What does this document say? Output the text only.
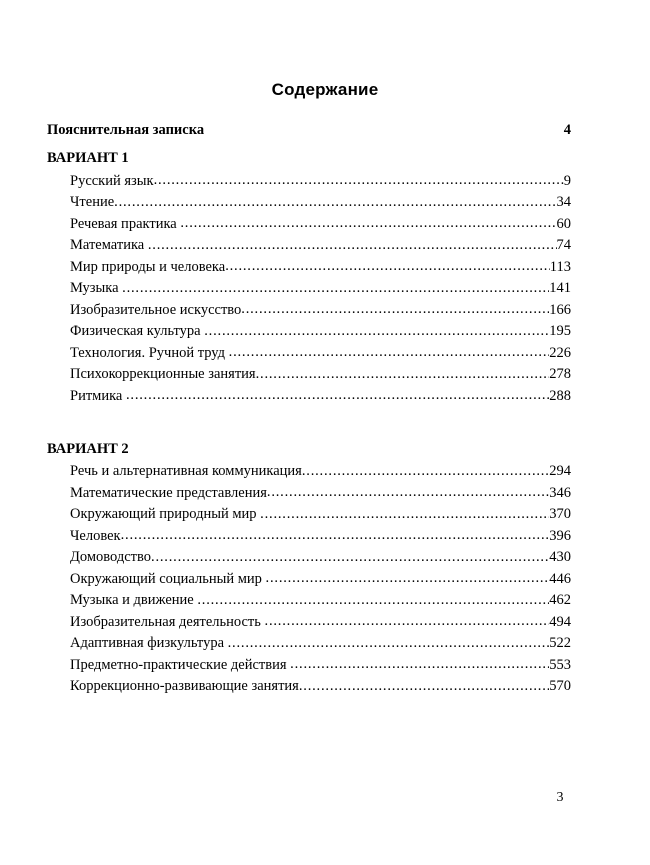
Содержание
Пояснительная записка .....	4
ВАРИАНТ 1
Русский язык .....	9
Чтение .....	34
Речевая практика .....	60
Математика .....	74
Мир природы и человека .....	113
Музыка .....	141
Изобразительное искусство .....	166
Физическая культура .....	195
Технология. Ручной труд .....	226
Психокоррекционные занятия .....	278
Ритмика .....	288
ВАРИАНТ 2
Речь и альтернативная коммуникация .....	294
Математические представления .....	346
Окружающий природный мир .....	370
Человек .....	396
Домоводство .....	430
Окружающий социальный мир .....	446
Музыка и движение .....	462
Изобразительная деятельность .....	494
Адаптивная физкультура .....	522
Предметно-практические действия .....	553
Коррекционно-развивающие занятия .....	570
3
